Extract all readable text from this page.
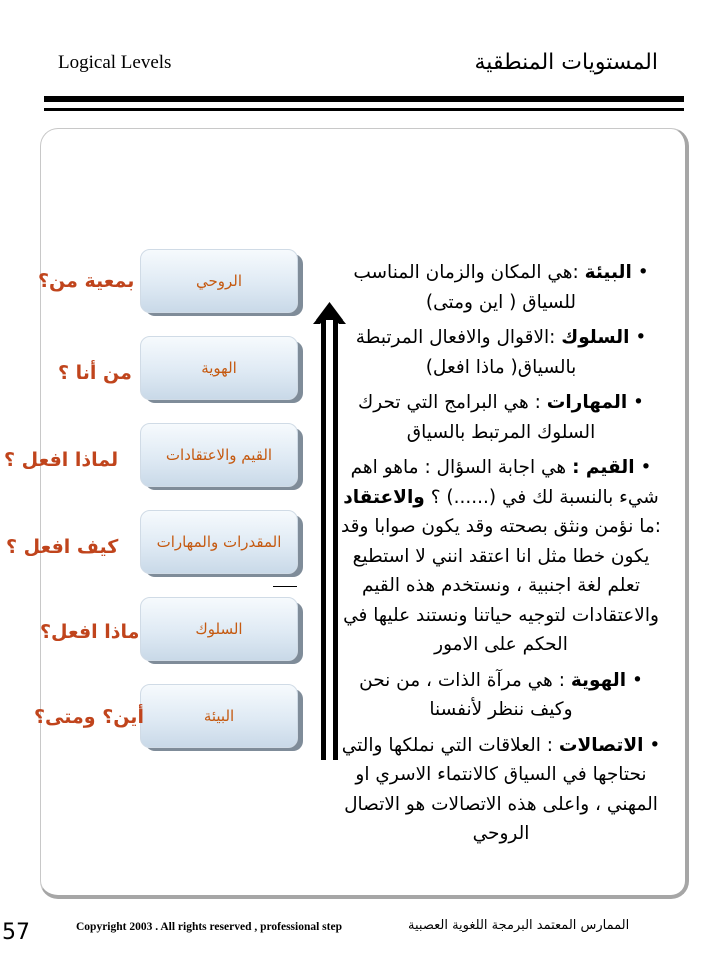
Logical Levels	المستويات المنطقية
الروحي
الهوية
القيم والاعتقادات
المقدرات والمهارات
السلوك
البيئة
بمعية من؟
من أنا ؟
لماذا افعل ؟
كيف افعل ؟
ماذا افعل؟
أين؟ ومتى؟

• البيئة :هي المكان والزمان المناسب للسياق ( اين ومتى)

• السلوك :الاقوال والافعال المرتبطة بالسياق( ماذا افعل)

• المهارات : هي البرامج التي تحرك السلوك المرتبط بالسياق

• القيم : هي اجابة السؤال : ماهو اهم شيء بالنسبة لك في (......) ؟ والاعتقاد :ما نؤمن ونثق بصحته وقد يكون صوابا وقد يكون خطا مثل انا اعتقد انني لا استطيع تعلم لغة اجنبية ، ونستخدم هذه القيم والاعتقادات لتوجيه حياتنا ونستند عليها في الحكم على الامور

• الهوية : هي مرآة الذات ، من نحن وكيف ننظر لأنفسنا

• الاتصالات : العلاقات التي نملكها والتي نحتاجها في السياق كالانتماء الاسري او المهني ، واعلى هذه الاتصالات هو الاتصال الروحي

57	Copyright 2003 . All rights reserved , professional step	الممارس المعتمد البرمجة اللغوية العصبية
